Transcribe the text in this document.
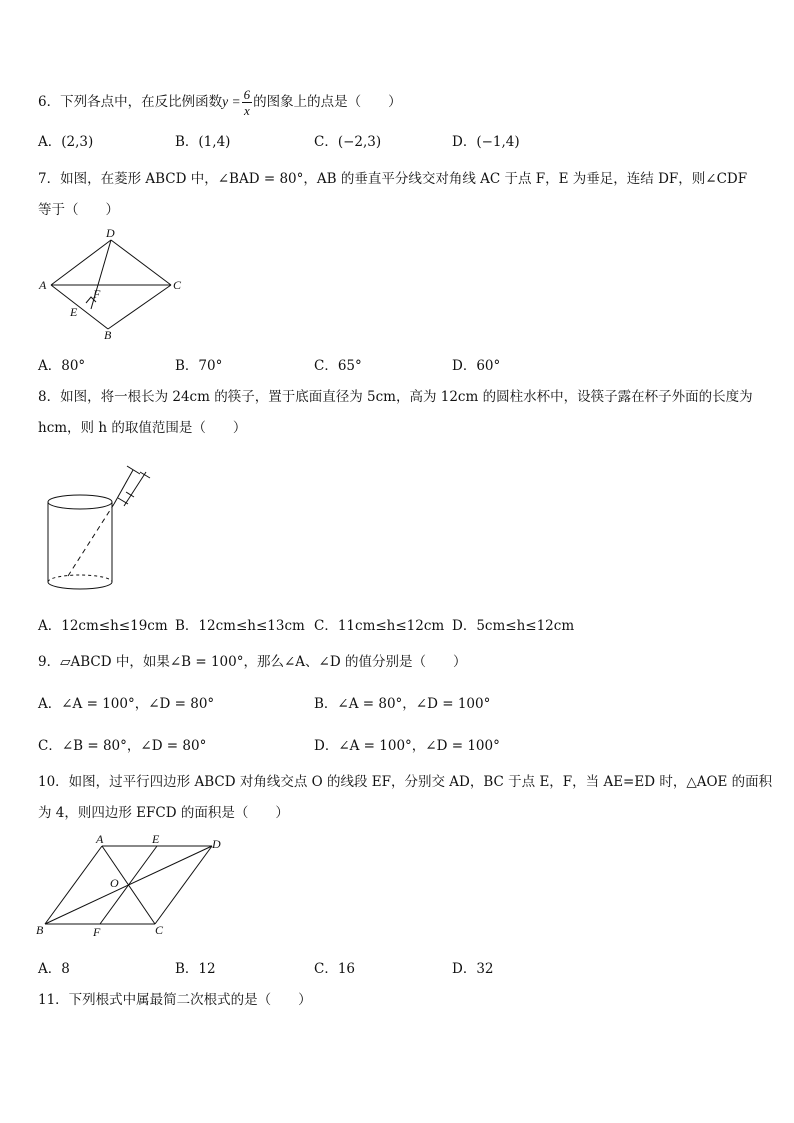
6．下列各点中，在反比例函数$y = \frac{6}{x}$ 的图象上的点是（　　）
A．(2,3)	B．(1,4)	C．(−2,3)	D．(−1,4)
7．如图，在菱形 ABCD 中，∠BAD = 80°，AB 的垂直平分线交对角线 AC 于点 F，E 为垂足，连结 DF，则∠CDF
等于（　　）
A
D
C
B
E
F
A．80°	B．70°	C．65°	D．60°
8．如图，将一根长为 24cm 的筷子，置于底面直径为 5cm，高为 12cm 的圆柱水杯中，设筷子露在杯子外面的长度为
hcm，则 h 的取值范围是（　　）
A．12cm≤h≤19cm B．12cm≤h≤13cm C．11cm≤h≤12cm D．5cm≤h≤12cm
9．▱ABCD 中，如果∠B = 100°，那么∠A、∠D 的值分别是（　　）
A．∠A = 100°，∠D = 80°	B．∠A = 80°，∠D = 100°
C．∠B = 80°，∠D = 80°	D．∠A = 100°，∠D = 100°
10．如图，过平行四边形 ABCD 对角线交点 O 的线段 EF，分别交 AD，BC 于点 E，F，当 AE=ED 时，△AOE 的面积
为 4，则四边形 EFCD 的面积是（　　）
A	E	D
O
B	F	C
A．8	B．12	C．16	D．32
11．下列根式中属最简二次根式的是（　　）
